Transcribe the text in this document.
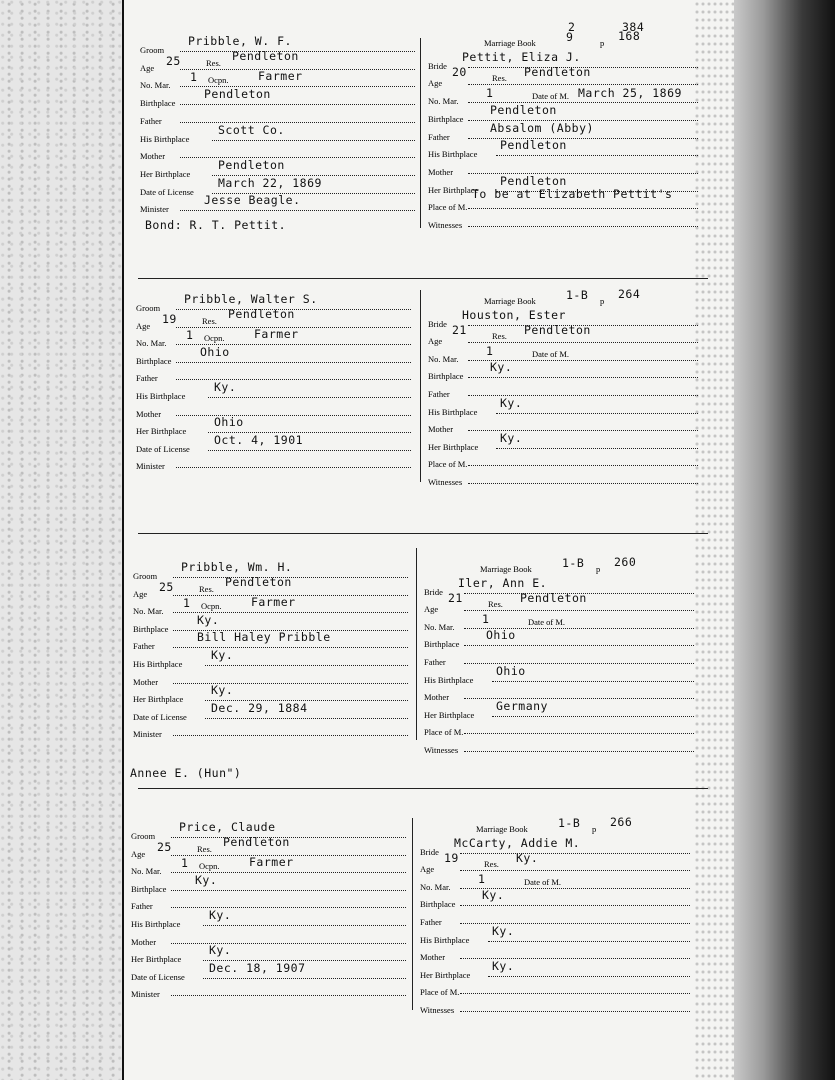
Groom
Pribble, W. F.
Age	Res.
25	Pendleton
No. Mar.	Ocpn.
1	Farmer
Birthplace
Pendleton
Father
His Birthplace
Scott Co.
Mother
Her Birthplace
Pendleton
Date of License
March 22, 1869
Minister
Jesse Beagle.
Bond: R. T. Pettit.
Marriage Book	9	p 168
2	384
Bride
Pettit, Eliza J.
Age	Res.
20	Pendleton
No. Mar.	Date of M.
1	March 25, 1869
Birthplace
Pendleton
Father
Absalom (Abby)
His Birthplace
Pendleton
Mother
Her Birthplace
Pendleton
Place of M.
To be at Elizabeth Pettit's
Witnesses
Groom
Pribble, Walter S.
Age	Res.
19	Pendleton
No. Mar.	Ocpn.
1	Farmer
Birthplace
Ohio
Father
His Birthplace
Ky.
Mother
Her Birthplace
Ohio
Date of License
Oct. 4, 1901
Minister
Marriage Book	1-B p 264
Bride
Houston, Ester
Age	Res.
21	Pendleton
No. Mar.	Date of M.
1
Birthplace
Ky.
Father
His Birthplace
Ky.
Mother
Her Birthplace
Ky.
Place of M.
Witnesses
Groom
Pribble, Wm. H.
Age	Res.
25	Pendleton
No. Mar.	Ocpn.
1	Farmer
Birthplace
Ky.
Father
Bill Haley Pribble
His Birthplace
Ky.
Mother
Her Birthplace
Ky.
Date of License
Dec. 29, 1884
Minister
Annee E. (Hun")
Marriage Book	1-B p 260
Bride
Iler, Ann E.
Age	Res.
21	Pendleton
No. Mar.	Date of M.
1
Birthplace
Ohio
Father
His Birthplace
Ohio
Mother
Her Birthplace
Germany
Place of M.
Witnesses
Groom
Price, Claude
Age	Res.
25	Pendleton
No. Mar.	Ocpn.
1	Farmer
Birthplace
Ky.
Father
His Birthplace
Ky.
Mother
Her Birthplace
Ky.
Date of License
Dec. 18, 1907
Minister
Marriage Book	1-B p 266
Bride
McCarty, Addie M.
Age	Res.
19	Ky.
No. Mar.	Date of M.
1
Birthplace
Ky.
Father
His Birthplace
Ky.
Mother
Her Birthplace
Ky.
Place of M.
Witnesses
